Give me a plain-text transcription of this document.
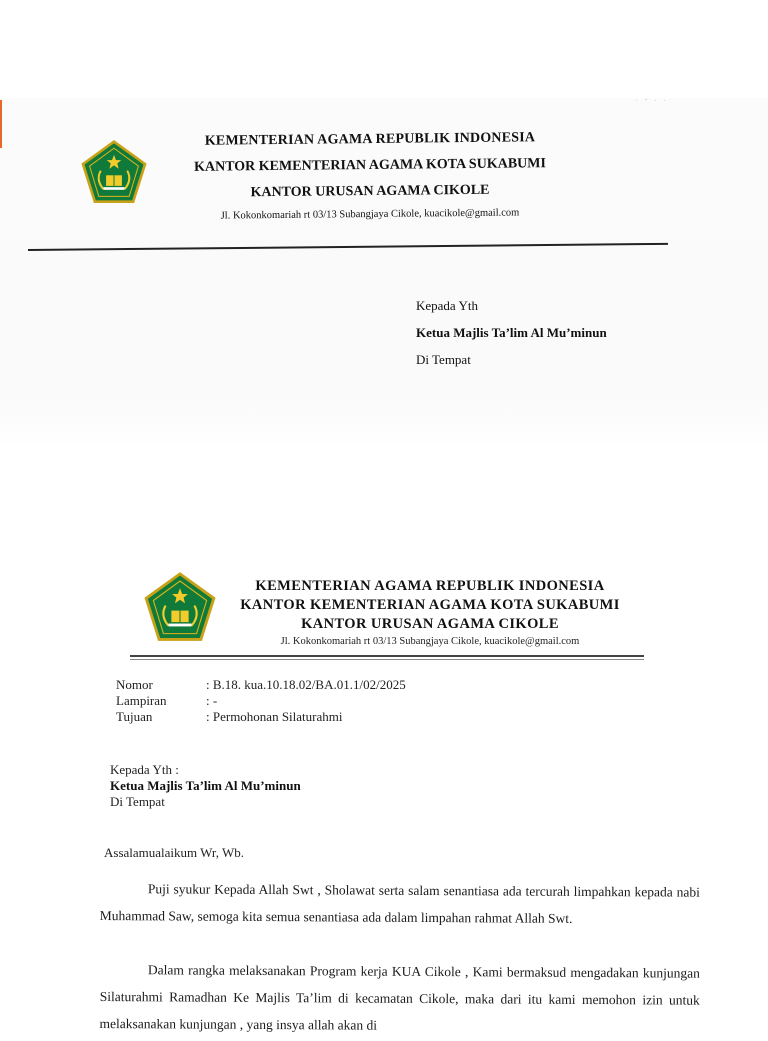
. - . .
KEMENTERIAN AGAMA REPUBLIK INDONESIA
KANTOR KEMENTERIAN AGAMA KOTA SUKABUMI
KANTOR URUSAN AGAMA CIKOLE
Jl. Kokonkomariah rt 03/13 Subangjaya Cikole, kuacikole@gmail.com
Kepada Yth
Ketua Majlis Ta’lim Al Mu’minun
Di Tempat
KEMENTERIAN AGAMA REPUBLIK INDONESIA
KANTOR KEMENTERIAN AGAMA KOTA SUKABUMI
KANTOR URUSAN AGAMA CIKOLE
Jl. Kokonkomariah rt 03/13 Subangjaya Cikole, kuacikole@gmail.com
Nomor	: B.18. kua.10.18.02/BA.01.1/02/2025
Lampiran	: -
Tujuan	: Permohonan Silaturahmi
Kepada Yth :
Ketua Majlis Ta’lim Al Mu’minun
Di Tempat
Assalamualaikum Wr, Wb.
Puji syukur Kepada Allah Swt , Sholawat serta salam senantiasa ada tercurah limpahkan kepada nabi Muhammad Saw, semoga kita semua senantiasa ada dalam limpahan rahmat Allah Swt.
Dalam rangka melaksanakan Program kerja KUA Cikole , Kami bermaksud mengadakan kunjungan Silaturahmi Ramadhan Ke Majlis Ta’lim di kecamatan Cikole, maka dari itu kami memohon izin untuk melaksanakan kunjungan , yang insya allah akan di
